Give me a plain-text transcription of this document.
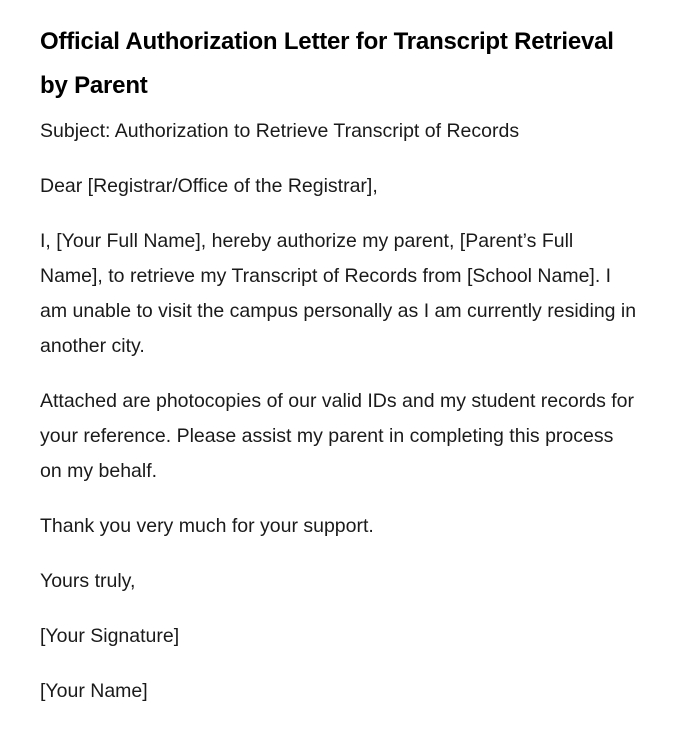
Official Authorization Letter for Transcript Retrieval by Parent

Subject: Authorization to Retrieve Transcript of Records

Dear [Registrar/Office of the Registrar],

I, [Your Full Name], hereby authorize my parent, [Parent’s Full Name], to retrieve my Transcript of Records from [School Name]. I am unable to visit the campus personally as I am currently residing in another city.

Attached are photocopies of our valid IDs and my student records for your reference. Please assist my parent in completing this process on my behalf.

Thank you very much for your support.

Yours truly,

[Your Signature]

[Your Name]
